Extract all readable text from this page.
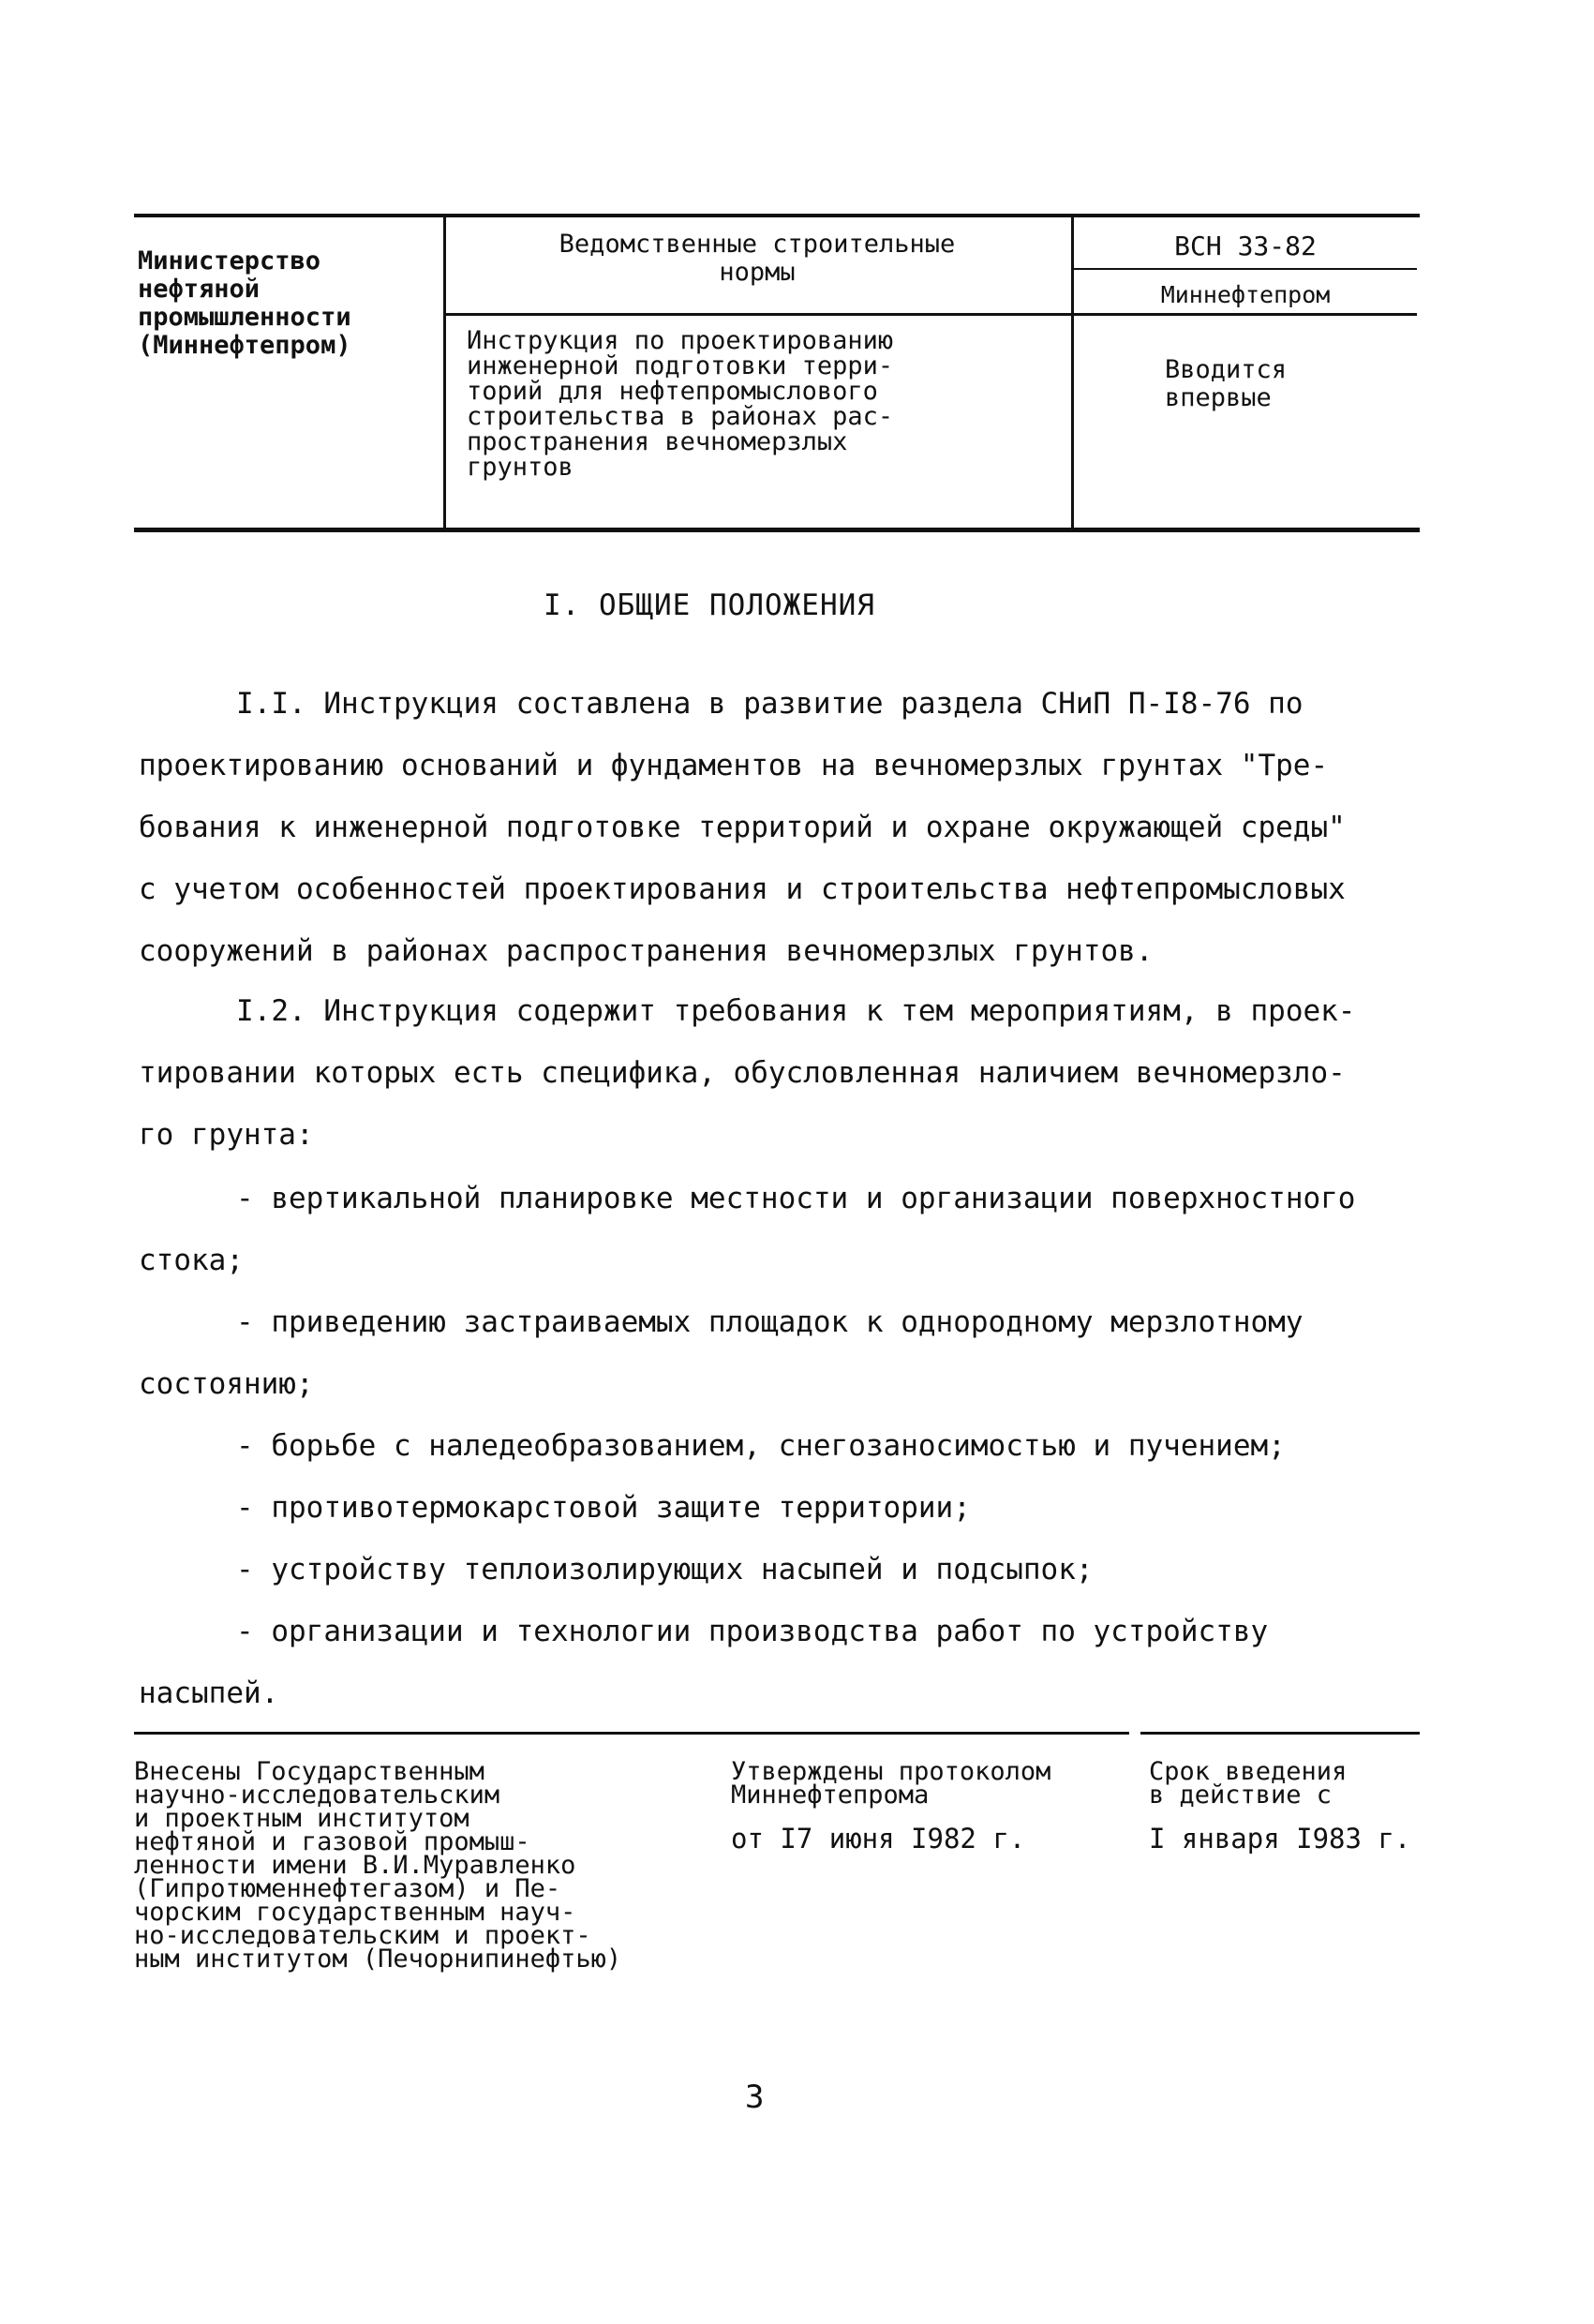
Министерство
нефтяной
промышленности
(Миннефтепром)
Ведомственные строительные
нормы
Инструкция по проектированию
инженерной подготовки терри-
торий для нефтепромыслового
строительства в районах рас-
пространения вечномерзлых
грунтов
ВСН 33-82
Миннефтепром
Вводится
впервые
I. ОБЩИЕ ПОЛОЖЕНИЯ
I.I. Инструкция составлена в развитие раздела СНиП П-I8-76 по
проектированию оснований и фундаментов на вечномерзлых грунтах "Тре-
бования к инженерной подготовке территорий и охране окружающей среды"
с учетом особенностей проектирования и строительства нефтепромысловых
сооружений в районах распространения вечномерзлых грунтов.
I.2. Инструкция содержит требования к тем мероприятиям, в проек-
тировании которых есть специфика, обусловленная наличием вечномерзло-
го грунта:
- вертикальной планировке местности и организации поверхностного
стока;
- приведению застраиваемых площадок к однородному мерзлотному
состоянию;
- борьбе с наледеобразованием, снегозаносимостью и пучением;
- противотермокарстовой защите территории;
- устройству теплоизолирующих насыпей и подсыпок;
- организации и технологии производства работ по устройству
насыпей.
Внесены Государственным
научно-исследовательским
и проектным институтом
нефтяной и газовой промыш-
ленности имени В.И.Муравленко
(Гипротюменнефтегазом) и Пе-
чорским государственным науч-
но-исследовательским и проект-
ным институтом (Печорнипинефтью)
Утверждены протоколом
Миннефтепрома
от I7 июня I982 г.
Срок введения
в действие с
I января I983 г.
3
